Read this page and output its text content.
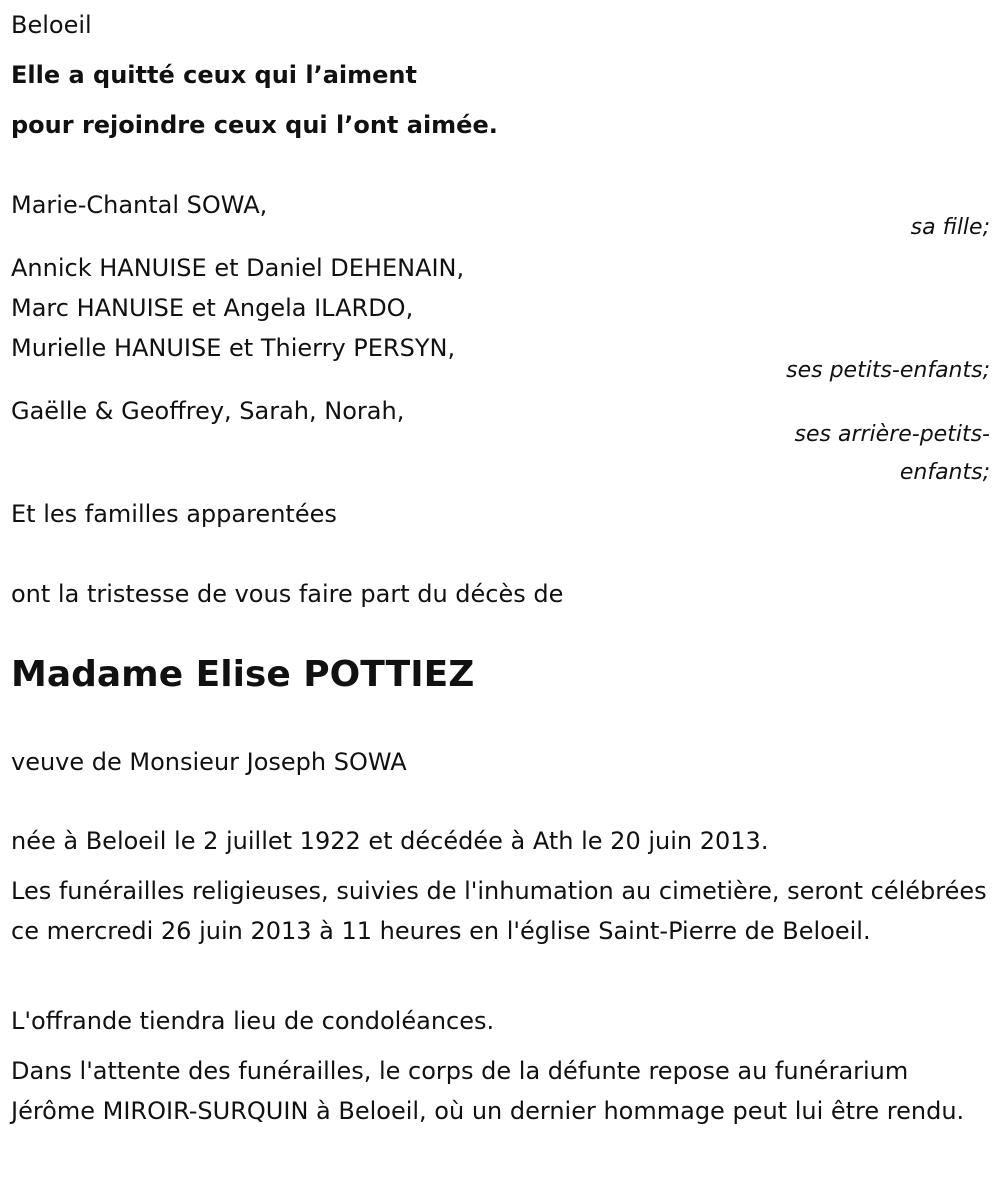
Beloeil
Elle a quitté ceux qui l’aiment
pour rejoindre ceux qui l’ont aimée.
Marie-Chantal SOWA,
sa fille;
Annick HANUISE et Daniel DEHENAIN,
Marc HANUISE et Angela ILARDO,
Murielle HANUISE et Thierry PERSYN,
ses petits-enfants;
Gaëlle & Geoffrey, Sarah, Norah,
ses arrière-petits-
enfants;
Et les familles apparentées
ont la tristesse de vous faire part du décès de
Madame Elise POTTIEZ
veuve de Monsieur Joseph SOWA
née à Beloeil le 2 juillet 1922 et décédée à Ath le 20 juin 2013.

Les funérailles religieuses, suivies de l'inhumation au cimetière, seront célébrées ce mercredi 26 juin 2013 à 11 heures en l'église Saint-Pierre de Beloeil.

L'offrande tiendra lieu de condoléances.

Dans l'attente des funérailles, le corps de la défunte repose au funérarium Jérôme MIROIR-SURQUIN à Beloeil, où un dernier hommage peut lui être rendu.
